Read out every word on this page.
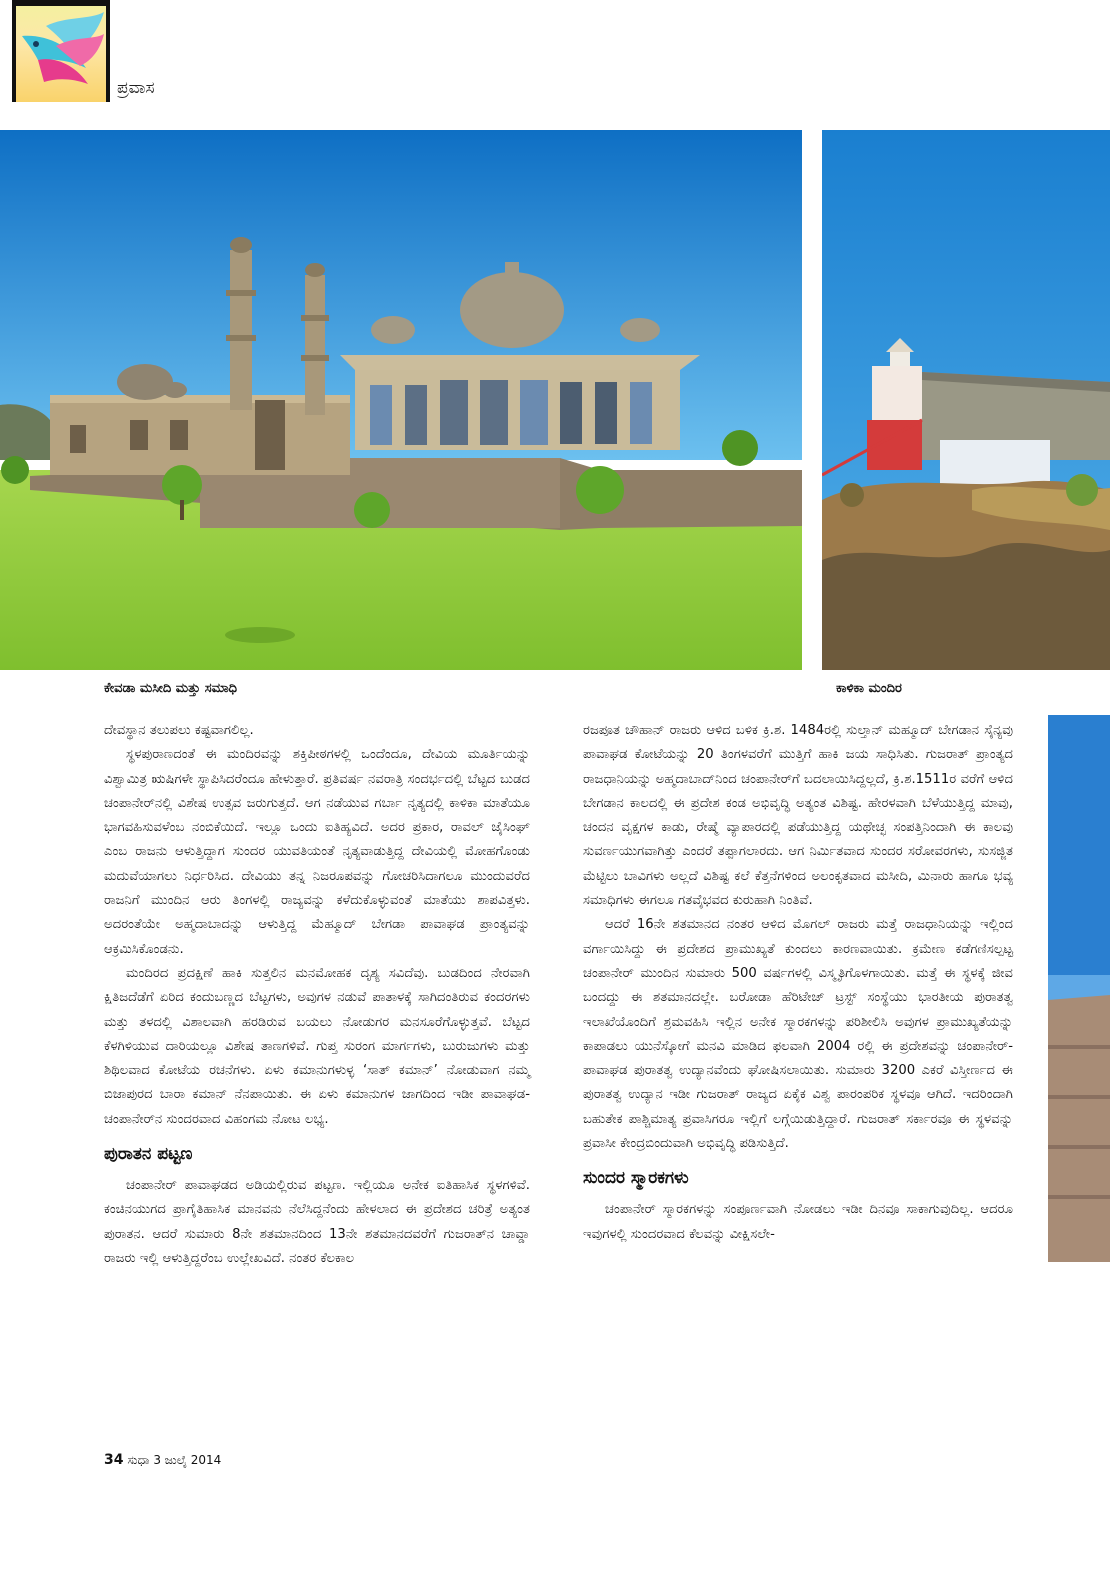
ಪ್ರವಾಸ
ಕೇವಡಾ ಮಸೀದಿ ಮತ್ತು ಸಮಾಧಿ	ಕಾಳಿಕಾ ಮಂದಿರ

ದೇವಸ್ಥಾನ ತಲುಪಲು ಕಷ್ಟವಾಗಲಿಲ್ಲ.

ಸ್ಥಳಪುರಾಣದಂತೆ ಈ ಮಂದಿರವನ್ನು ಶಕ್ತಿಪೀಠಗಳಲ್ಲಿ ಒಂದೆಂದೂ, ದೇವಿಯ ಮೂರ್ತಿಯನ್ನು ವಿಶ್ವಾಮಿತ್ರ ಋಷಿಗಳೇ ಸ್ಥಾಪಿಸಿದರೆಂದೂ ಹೇಳುತ್ತಾರೆ. ಪ್ರತಿವರ್ಷ ನವರಾತ್ರಿ ಸಂದರ್ಭದಲ್ಲಿ ಬೆಟ್ಟದ ಬುಡದ ಚಂಪಾನೇರ್‌ನಲ್ಲಿ ವಿಶೇಷ ಉತ್ಸವ ಜರುಗುತ್ತದೆ. ಆಗ ನಡೆಯುವ ಗರ್ಬಾ ನೃತ್ಯದಲ್ಲಿ ಕಾಳಿಕಾ ಮಾತೆಯೂ ಭಾಗವಹಿಸುವಳೆಂಬ ನಂಬಿಕೆಯಿದೆ. ಇಲ್ಲೂ ಒಂದು ಐತಿಹ್ಯವಿದೆ. ಅದರ ಪ್ರಕಾರ, ರಾವಲ್ ಜೈಸಿಂಘ್ ಎಂಬ ರಾಜನು ಆಳುತ್ತಿದ್ದಾಗ ಸುಂದರ ಯುವತಿಯಂತೆ ನೃತ್ಯವಾಡುತ್ತಿದ್ದ ದೇವಿಯಲ್ಲಿ ಮೋಹಗೊಂಡು ಮದುವೆಯಾಗಲು ನಿರ್ಧರಿಸಿದ. ದೇವಿಯು ತನ್ನ ನಿಜರೂಪವನ್ನು ಗೋಚರಿಸಿದಾಗಲೂ ಮುಂದುವರೆದ ರಾಜನಿಗೆ ಮುಂದಿನ ಆರು ತಿಂಗಳಲ್ಲಿ ರಾಜ್ಯವನ್ನು ಕಳೆದುಕೊಳ್ಳುವಂತೆ ಮಾತೆಯು ಶಾಪವಿತ್ತಳು. ಅದರಂತೆಯೇ ಅಹ್ಮದಾಬಾದನ್ನು ಆಳುತ್ತಿದ್ದ ಮೆಹ್ಮೂದ್ ಬೇಗಡಾ ಪಾವಾಘಡ ಪ್ರಾಂತ್ಯವನ್ನು ಆಕ್ರಮಿಸಿಕೊಂಡನು.

ಮಂದಿರದ ಪ್ರದಕ್ಷಿಣೆ ಹಾಕಿ ಸುತ್ತಲಿನ ಮನಮೋಹಕ ದೃಶ್ಯ ಸವಿದೆವು. ಬುಡದಿಂದ ನೇರವಾಗಿ ಕ್ಷಿತಿಜದೆಡೆಗೆ ಏರಿದ ಕಂದುಬಣ್ಣದ ಬೆಟ್ಟಗಳು, ಅವುಗಳ ನಡುವೆ ಪಾತಾಳಕ್ಕೆ ಸಾಗಿದಂತಿರುವ ಕಂದರಗಳು ಮತ್ತು ತಳದಲ್ಲಿ ವಿಶಾಲವಾಗಿ ಹರಡಿರುವ ಬಯಲು ನೋಡುಗರ ಮನಸೂರೆಗೊಳ್ಳುತ್ತವೆ. ಬೆಟ್ಟದ ಕೆಳಗಿಳಿಯುವ ದಾರಿಯಲ್ಲೂ ವಿಶೇಷ ತಾಣಗಳಿವೆ. ಗುಪ್ತ ಸುರಂಗ ಮಾರ್ಗಗಳು, ಬುರುಜುಗಳು ಮತ್ತು ಶಿಥಿಲವಾದ ಕೋಟೆಯ ರಚನೆಗಳು. ಏಳು ಕಮಾನುಗಳುಳ್ಳ ‘ಸಾತ್ ಕಮಾನ್’ ನೋಡುವಾಗ ನಮ್ಮ ಬಿಜಾಪುರದ ಬಾರಾ ಕಮಾನ್ ನೆನಪಾಯಿತು. ಈ ಏಳು ಕಮಾನುಗಳ ಜಾಗದಿಂದ ಇಡೀ ಪಾವಾಘಡ-ಚಂಪಾನೇರ್‌ನ ಸುಂದರವಾದ ವಿಹಂಗಮ ನೋಟ ಲಭ್ಯ.

ಪುರಾತನ ಪಟ್ಟಣ

ಚಂಪಾನೇರ್ ಪಾವಾಘಡದ ಅಡಿಯಲ್ಲಿರುವ ಪಟ್ಟಣ. ಇಲ್ಲಿಯೂ ಅನೇಕ ಐತಿಹಾಸಿಕ ಸ್ಥಳಗಳಿವೆ. ಕಂಚಿನಯುಗದ ಪ್ರಾಗೈತಿಹಾಸಿಕ ಮಾನವನು ನೆಲೆಸಿದ್ದನೆಂದು ಹೇಳಲಾದ ಈ ಪ್ರದೇಶದ ಚರಿತ್ರೆ ಅತ್ಯಂತ ಪುರಾತನ. ಆದರೆ ಸುಮಾರು 8ನೇ ಶತಮಾನದಿಂದ 13ನೇ ಶತಮಾನದವರೆಗೆ ಗುಜರಾತ್‌ನ ಚಾವ್ಡಾ ರಾಜರು ಇಲ್ಲಿ ಆಳುತ್ತಿದ್ದರೆಂಬ ಉಲ್ಲೇಖವಿದೆ. ನಂತರ ಕೆಲಕಾಲ

ರಜಪೂತ ಚೌಹಾನ್ ರಾಜರು ಆಳಿದ ಬಳಿಕ ಕ್ರಿ.ಶ. 1484ರಲ್ಲಿ ಸುಲ್ತಾನ್ ಮಹ್ಮೂದ್ ಬೇಗಡಾನ ಸೈನ್ಯವು ಪಾವಾಘಡ ಕೋಟೆಯನ್ನು 20 ತಿಂಗಳವರೆಗೆ ಮುತ್ತಿಗೆ ಹಾಕಿ ಜಯ ಸಾಧಿಸಿತು. ಗುಜರಾತ್ ಪ್ರಾಂತ್ಯದ ರಾಜಧಾನಿಯನ್ನು ಅಹ್ಮದಾಬಾದ್‌ನಿಂದ ಚಂಪಾನೇರ್‌ಗೆ ಬದಲಾಯಿಸಿದ್ದಲ್ಲದೆ, ಕ್ರಿ.ಶ.1511ರ ವರೆಗೆ ಆಳಿದ ಬೇಗಡಾನ ಕಾಲದಲ್ಲಿ ಈ ಪ್ರದೇಶ ಕಂಡ ಅಭಿವೃದ್ಧಿ ಅತ್ಯಂತ ವಿಶಿಷ್ಟ. ಹೇರಳವಾಗಿ ಬೆಳೆಯುತ್ತಿದ್ದ ಮಾವು, ಚಂದನ ವೃಕ್ಷಗಳ ಕಾಡು, ರೇಷ್ಮೆ ವ್ಯಾಪಾರದಲ್ಲಿ ಪಡೆಯುತ್ತಿದ್ದ ಯಥೇಚ್ಛ ಸಂಪತ್ತಿನಿಂದಾಗಿ ಈ ಕಾಲವು ಸುವರ್ಣಯುಗವಾಗಿತ್ತು ಎಂದರೆ ತಪ್ಪಾಗಲಾರದು. ಆಗ ನಿರ್ಮಿತವಾದ ಸುಂದರ ಸರೋವರಗಳು, ಸುಸಜ್ಜಿತ ಮೆಟ್ಟಿಲು ಬಾವಿಗಳು ಅಲ್ಲದೆ ವಿಶಿಷ್ಟ ಕಲೆ ಕೆತ್ತನೆಗಳಿಂದ ಅಲಂಕೃತವಾದ ಮಸೀದಿ, ಮಿನಾರು ಹಾಗೂ ಭವ್ಯ ಸಮಾಧಿಗಳು ಈಗಲೂ ಗತವೈಭವದ ಕುರುಹಾಗಿ ನಿಂತಿವೆ.

ಆದರೆ 16ನೇ ಶತಮಾನದ ನಂತರ ಆಳಿದ ಮೊಗಲ್ ರಾಜರು ಮತ್ತೆ ರಾಜಧಾನಿಯನ್ನು ಇಲ್ಲಿಂದ ವರ್ಗಾಯಿಸಿದ್ದು ಈ ಪ್ರದೇಶದ ಪ್ರಾಮುಖ್ಯತೆ ಕುಂದಲು ಕಾರಣವಾಯಿತು. ಕ್ರಮೇಣ ಕಡೆಗಣಿಸಲ್ಪಟ್ಟ ಚಂಪಾನೇರ್ ಮುಂದಿನ ಸುಮಾರು 500 ವರ್ಷಗಳಲ್ಲಿ ವಿಸ್ಮೃತಿಗೊಳಗಾಯಿತು. ಮತ್ತೆ ಈ ಸ್ಥಳಕ್ಕೆ ಜೀವ ಬಂದದ್ದು ಈ ಶತಮಾನದಲ್ಲೇ. ಬರೋಡಾ ಹೆರಿಟೇಜ್ ಟ್ರಸ್ಟ್ ಸಂಸ್ಥೆಯು ಭಾರತೀಯ ಪುರಾತತ್ವ ಇಲಾಖೆಯೊಂದಿಗೆ ಶ್ರಮವಹಿಸಿ ಇಲ್ಲಿನ ಅನೇಕ ಸ್ಮಾರಕಗಳನ್ನು ಪರಿಶೀಲಿಸಿ ಅವುಗಳ ಪ್ರಾಮುಖ್ಯತೆಯನ್ನು ಕಾಪಾಡಲು ಯುನೆಸ್ಕೋಗೆ ಮನವಿ ಮಾಡಿದ ಫಲವಾಗಿ 2004 ರಲ್ಲಿ ಈ ಪ್ರದೇಶವನ್ನು ಚಂಪಾನೇರ್- ಪಾವಾಘಡ ಪುರಾತತ್ವ ಉದ್ಯಾನವೆಂದು ಘೋಷಿಸಲಾಯಿತು. ಸುಮಾರು 3200 ಎಕರೆ ವಿಸ್ತೀರ್ಣದ ಈ ಪುರಾತತ್ವ ಉದ್ಯಾನ ಇಡೀ ಗುಜರಾತ್ ರಾಜ್ಯದ ಏಕೈಕ ವಿಶ್ವ ಪಾರಂಪರಿಕ ಸ್ಥಳವೂ ಆಗಿದೆ. ಇದರಿಂದಾಗಿ ಬಹುತೇಕ ಪಾಶ್ಚಿಮಾತ್ಯ ಪ್ರವಾಸಿಗರೂ ಇಲ್ಲಿಗೆ ಲಗ್ಗೆಯಿಡುತ್ತಿದ್ದಾರೆ. ಗುಜರಾತ್ ಸರ್ಕಾರವೂ ಈ ಸ್ಥಳವನ್ನು ಪ್ರವಾಸೀ ಕೇಂದ್ರಬಿಂದುವಾಗಿ ಅಭಿವೃದ್ಧಿ ಪಡಿಸುತ್ತಿದೆ.

ಸುಂದರ ಸ್ಮಾರಕಗಳು

ಚಂಪಾನೇರ್ ಸ್ಮಾರಕಗಳನ್ನು ಸಂಪೂರ್ಣವಾಗಿ ನೋಡಲು ಇಡೀ ದಿನವೂ ಸಾಕಾಗುವುದಿಲ್ಲ. ಆದರೂ ಇವುಗಳಲ್ಲಿ ಸುಂದರವಾದ ಕೆಲವನ್ನು ವೀಕ್ಷಿಸಲೇ-

34 ಸುಧಾ 3 ಜುಲೈ 2014
